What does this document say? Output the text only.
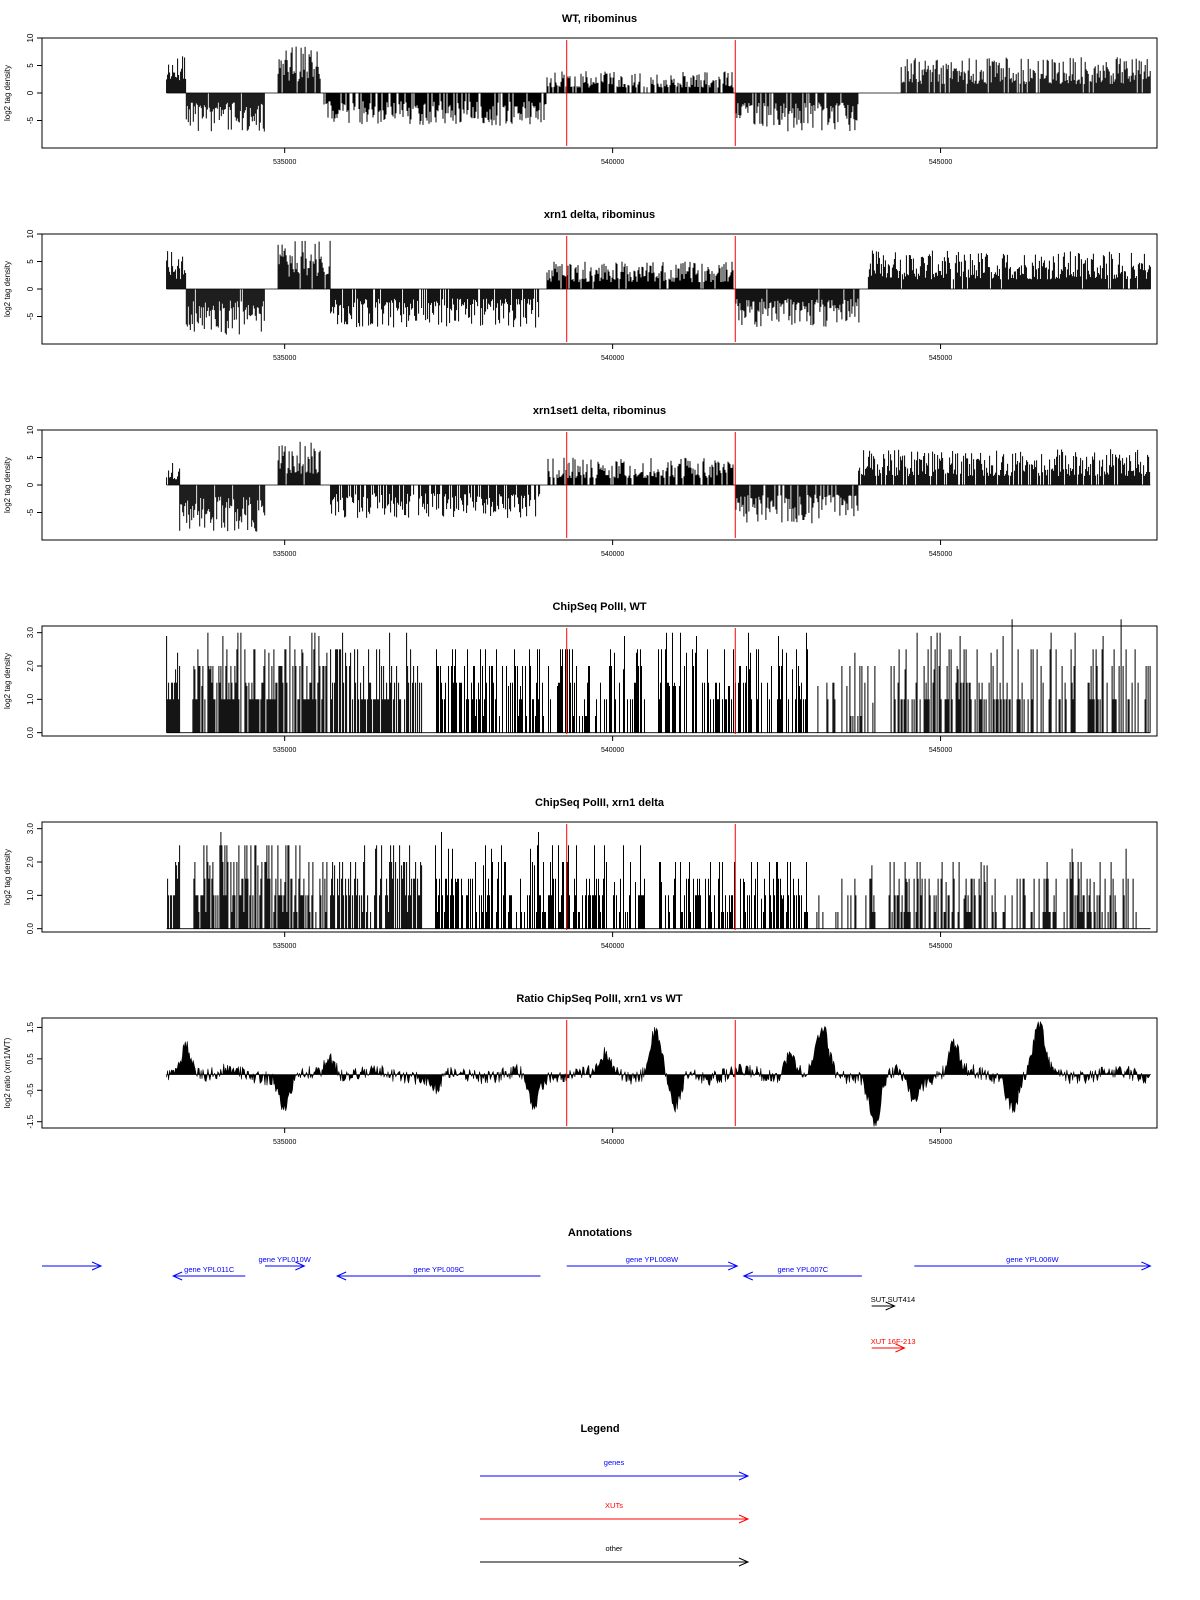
WT, ribominus
log2 tag density
10
5
0
-5
535000	540000	545000
xrn1 delta, ribominus
log2 tag density
10
5
0
-5
535000	540000	545000
xrn1set1 delta, ribominus
log2 tag density
10
5
0
-5
535000	540000	545000
ChipSeq PolII, WT
log2 tag density
3.0
2.0
1.0
0.0
535000	540000	545000
ChipSeq PolII, xrn1 delta
log2 tag density
3.0
2.0
1.0
0.0
535000	540000	545000
Ratio ChipSeq PolII, xrn1 vs WT
log2 ratio (xrn1/WT)
1.5
0.5
-0.5
-1.5
535000	540000	545000
Annotations
gene YPL011C
gene YPL010W
gene YPL009C
gene YPL008W
gene YPL007C
gene YPL006W
SUT SUT414
XUT 16F-213
Legend
genes
XUTs
other
